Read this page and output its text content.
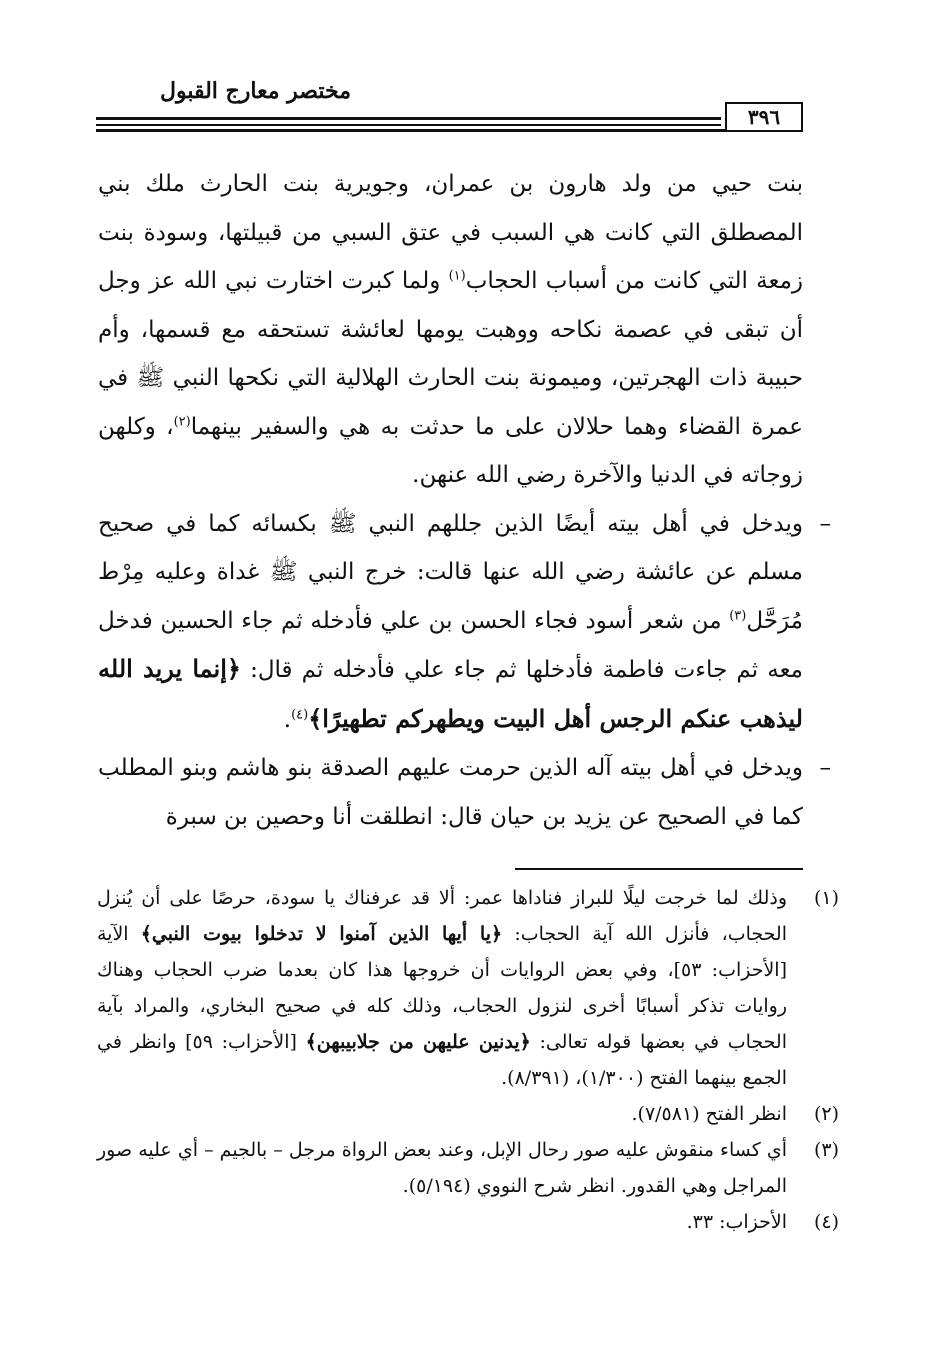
مختصر معارج القبول
٣٩٦

بنت حيي من ولد هارون بن عمران، وجويرية بنت الحارث ملك بني المصطلق التي كانت هي السبب في عتق السبي من قبيلتها، وسودة بنت زمعة التي كانت من أسباب الحجاب$^{(١)}$ ولما كبرت اختارت نبي الله عز وجل أن تبقى في عصمة نكاحه ووهبت يومها لعائشة تستحقه مع قسمها، وأم حبيبة ذات الهجرتين، وميمونة بنت الحارث الهلالية التي نكحها النبي ﷺ في عمرة القضاء وهما حلالان على ما حدثت به هي والسفير بينهما$^{(٢)}$، وكلهن زوجاته في الدنيا والآخرة رضي الله عنهن.

–
ويدخل في أهل بيته أيضًا الذين جللهم النبي ﷺ بكسائه كما في صحيح مسلم عن عائشة رضي الله عنها قالت: خرج النبي ﷺ غداة وعليه مِرْط مُرَحَّل$^{(٣)}$ من شعر أسود فجاء الحسن بن علي فأدخله ثم جاء الحسين فدخل معه ثم جاءت فاطمة فأدخلها ثم جاء علي فأدخله ثم قال: ﴿إنما يريد الله ليذهب عنكم الرجس أهل البيت ويطهركم تطهيرًا﴾$^{(٤)}$.

–
ويدخل في أهل بيته آله الذين حرمت عليهم الصدقة بنو هاشم وبنو المطلب كما في الصحيح عن يزيد بن حيان قال: انطلقت أنا وحصين بن سبرة

(١)
وذلك لما خرجت ليلًا للبراز فناداها عمر: ألا قد عرفناك يا سودة، حرصًا على أن يُنزل الحجاب، فأنزل الله آية الحجاب: ﴿يا أيها الذين آمنوا لا تدخلوا بيوت النبي﴾ الآية [الأحزاب: ٥٣]، وفي بعض الروايات أن خروجها هذا كان بعدما ضرب الحجاب وهناك روايات تذكر أسبابًا أخرى لنزول الحجاب، وذلك كله في صحيح البخاري، والمراد بآية الحجاب في بعضها قوله تعالى: ﴿يدنين عليهن من جلابيبهن﴾ [الأحزاب: ٥٩] وانظر في الجمع بينهما الفتح (١/٣٠٠)، (٨/٣٩١).
(٢)
انظر الفتح (٧/٥٨١).
(٣)
أي كساء منقوش عليه صور رحال الإبل، وعند بعض الرواة مرجل – بالجيم – أي عليه صور المراجل وهي القدور. انظر شرح النووي (٥/١٩٤).
(٤)
الأحزاب: ٣٣.
